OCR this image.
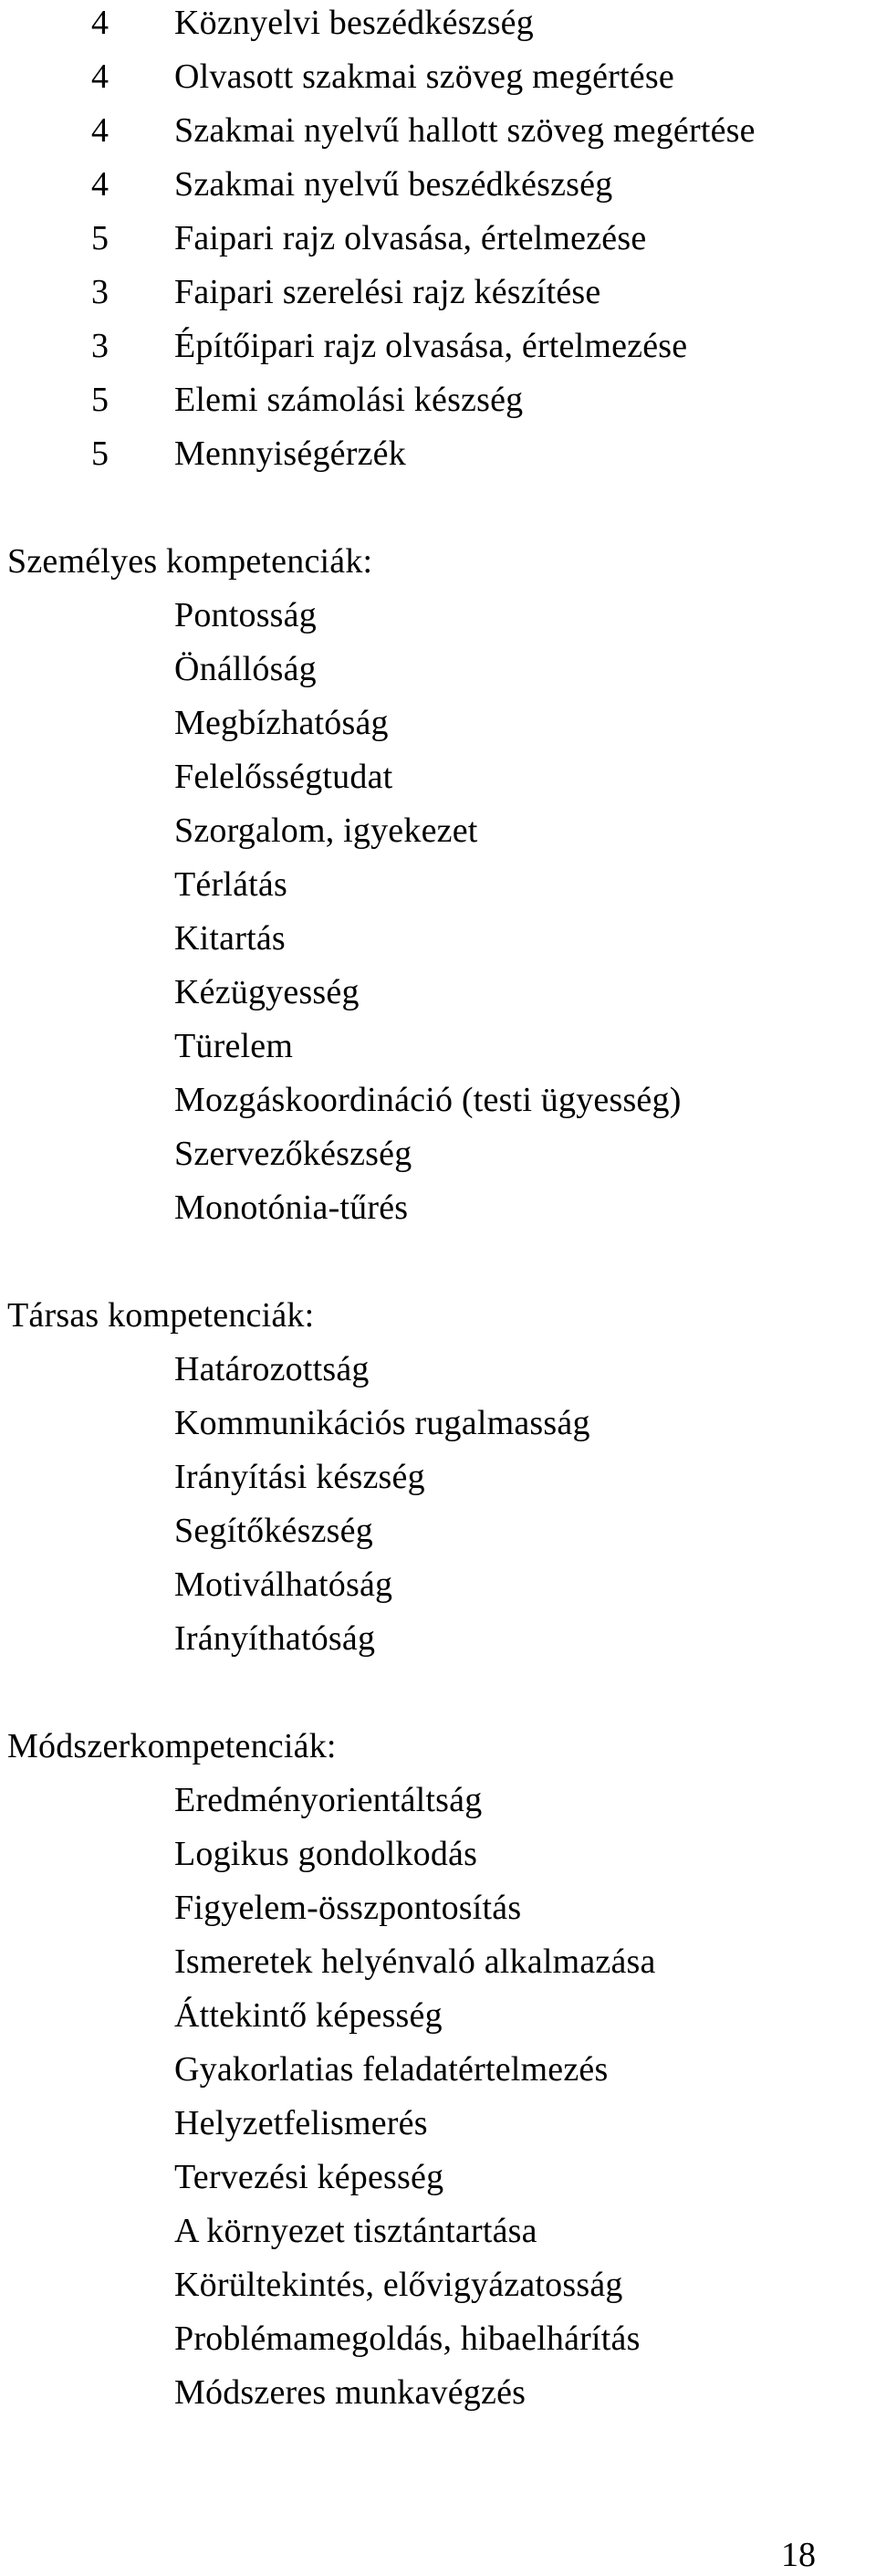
4 Köznyelvi beszédkészség
4 Olvasott szakmai szöveg megértése
4 Szakmai nyelvű hallott szöveg megértése
4 Szakmai nyelvű beszédkészség
5 Faipari rajz olvasása, értelmezése
3 Faipari szerelési rajz készítése
3 Építőipari rajz olvasása, értelmezése
5 Elemi számolási készség
5 Mennyiségérzék
Személyes kompetenciák:
Pontosság
Önállóság
Megbízhatóság
Felelősségtudat
Szorgalom, igyekezet
Térlátás
Kitartás
Kézügyesség
Türelem
Mozgáskoordináció (testi ügyesség)
Szervezőkészség
Monotónia-tűrés
Társas kompetenciák:
Határozottság
Kommunikációs rugalmasság
Irányítási készség
Segítőkészség
Motiválhatóság
Irányíthatóság
Módszerkompetenciák:
Eredményorientáltság
Logikus gondolkodás
Figyelem-összpontosítás
Ismeretek helyénvaló alkalmazása
Áttekintő képesség
Gyakorlatias feladatértelmezés
Helyzetfelismerés
Tervezési képesség
A környezet tisztántartása
Körültekintés, elővigyázatosság
Problémamegoldás, hibaelhárítás
Módszeres munkavégzés
18
